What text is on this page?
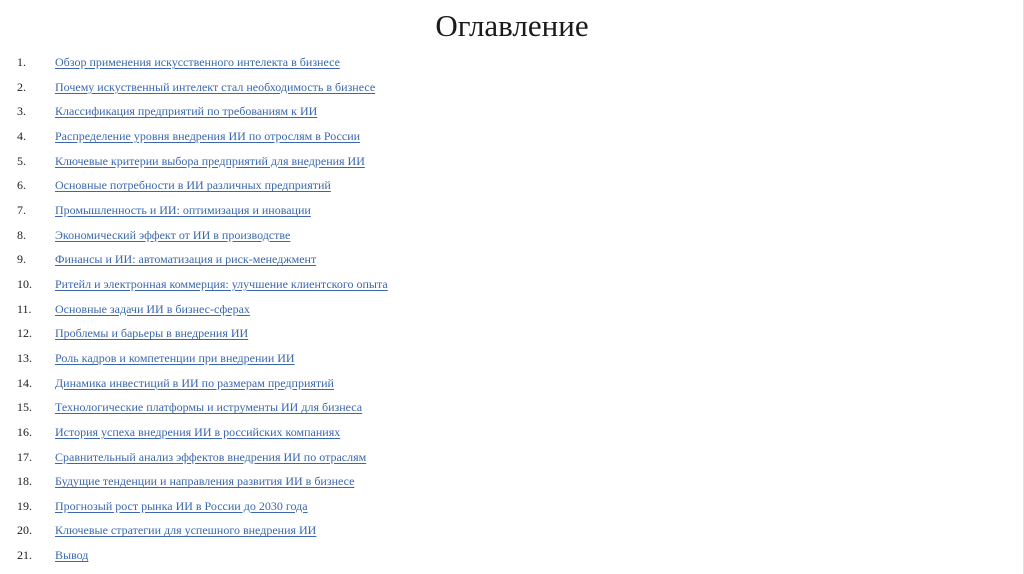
Оглавление
1. Обзор применения искусственного интелекта в бизнесе
2. Почему искуственный интелект стал необходимость в бизнесе
3. Классификация предприятий по требованиям к ИИ
4. Распределение уровня внедрения ИИ по отрослям в России
5. Ключевые критерии выбора предприятий для внедрения ИИ
6. Основные потребности в ИИ различных предприятий
7. Промышленность и ИИ: оптимизация и иновации
8. Экономический эффект от ИИ в производстве
9. Финансы и ИИ: автоматизация и риск-менеджмент
10. Ритейл и электронная коммерция: улучшение клиентского опыта
11. Основные задачи ИИ в бизнес-сферах
12. Проблемы и барьеры в внедрения ИИ
13. Роль кадров и компетенции при внедрении ИИ
14. Динамика инвестиций в ИИ по размерам предприятий
15. Технологические платформы и иструменты ИИ для бизнеса
16. История успеха внедрения ИИ в российских компаниях
17. Сравнительный анализ эффектов внедрения ИИ по отраслям
18. Будущие тенденции и направления развития ИИ в бизнесе
19. Прогнозый рост рынка ИИ в России до 2030 года
20. Ключевые стратегии для успешного внедрения ИИ
21. Вывод
